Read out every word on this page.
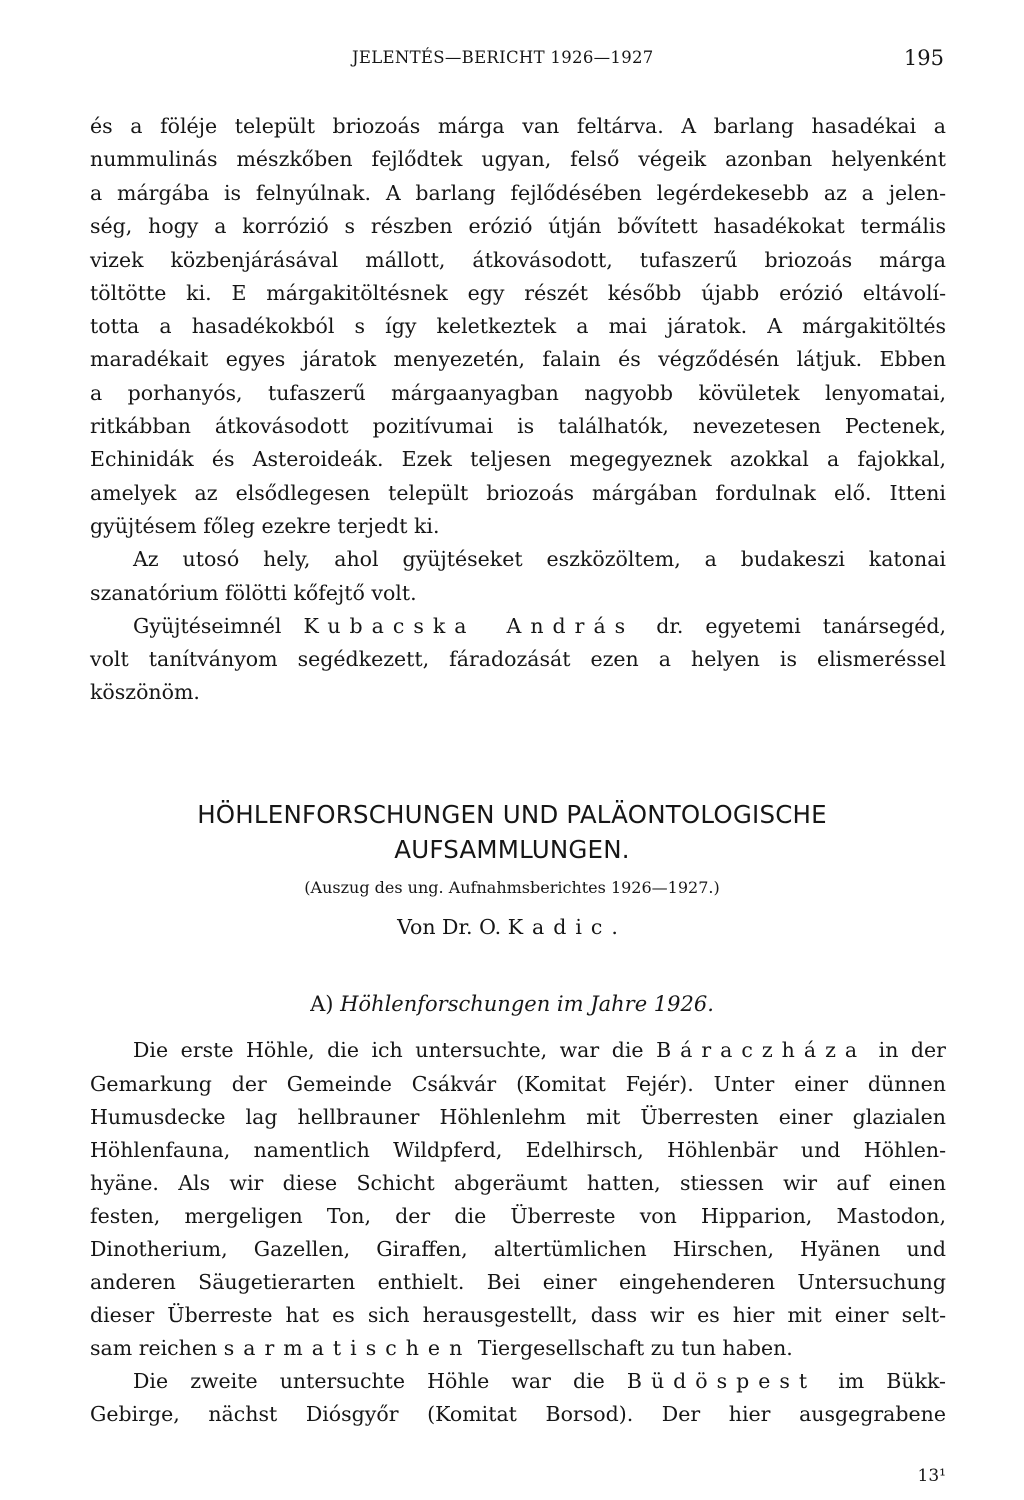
JELENTÉS—BERICHT 1926—1927	195
és a föléje települt briozoás márga van feltárva. A barlang hasadékai a
nummulinás mészkőben fejlődtek ugyan, felső végeik azonban helyenként
a márgába is felnyúlnak. A barlang fejlődésében legérdekesebb az a jelen-
ség, hogy a korrózió s részben erózió útján bővített hasadékokat termális
vizek közbenjárásával mállott, átkovásodott, tufaszerű briozoás márga
töltötte ki. E márgakitöltésnek egy részét később újabb erózió eltávolí-
totta a hasadékokból s így keletkeztek a mai járatok. A márgakitöltés
maradékait egyes járatok menyezetén, falain és végződésén látjuk. Ebben
a porhanyós, tufaszerű márgaanyagban nagyobb kövületek lenyomatai,
ritkábban átkovásodott pozitívumai is találhatók, nevezetesen Pectenek,
Echinidák és Asteroideák. Ezek teljesen megegyeznek azokkal a fajokkal,
amelyek az elsődlegesen települt briozoás márgában fordulnak elő. Itteni
gyüjtésem főleg ezekre terjedt ki.
Az utosó hely, ahol gyüjtéseket eszközöltem, a budakeszi katonai
szanatórium fölötti kőfejtő volt.
Gyüjtéseimnél Kubacska András dr. egyetemi tanársegéd,
volt tanítványom segédkezett, fáradozását ezen a helyen is elismeréssel
köszönöm.
HÖHLENFORSCHUNGEN UND PALÄONTOLOGISCHE
AUFSAMMLUNGEN.
(Auszug des ung. Aufnahmsberichtes 1926—1927.)
Von Dr. O. Kadic.
A) Höhlenforschungen im Jahre 1926.
Die erste Höhle, die ich untersuchte, war die Báraczháza in der
Gemarkung der Gemeinde Csákvár (Komitat Fejér). Unter einer dünnen
Humusdecke lag hellbrauner Höhlenlehm mit Überresten einer glazialen
Höhlenfauna, namentlich Wildpferd, Edelhirsch, Höhlenbär und Höhlen-
hyäne. Als wir diese Schicht abgeräumt hatten, stiessen wir auf einen
festen, mergeligen Ton, der die Überreste von Hipparion, Mastodon,
Dinotherium, Gazellen, Giraffen, altertümlichen Hirschen, Hyänen und
anderen Säugetierarten enthielt. Bei einer eingehenderen Untersuchung
dieser Überreste hat es sich herausgestellt, dass wir es hier mit einer selt-
sam reichen sarmatischen Tiergesellschaft zu tun haben.
Die zweite untersuchte Höhle war die Büdöspest im Bükk-
Gebirge, nächst Diósgyőr (Komitat Borsod). Der hier ausgegrabene
13¹
